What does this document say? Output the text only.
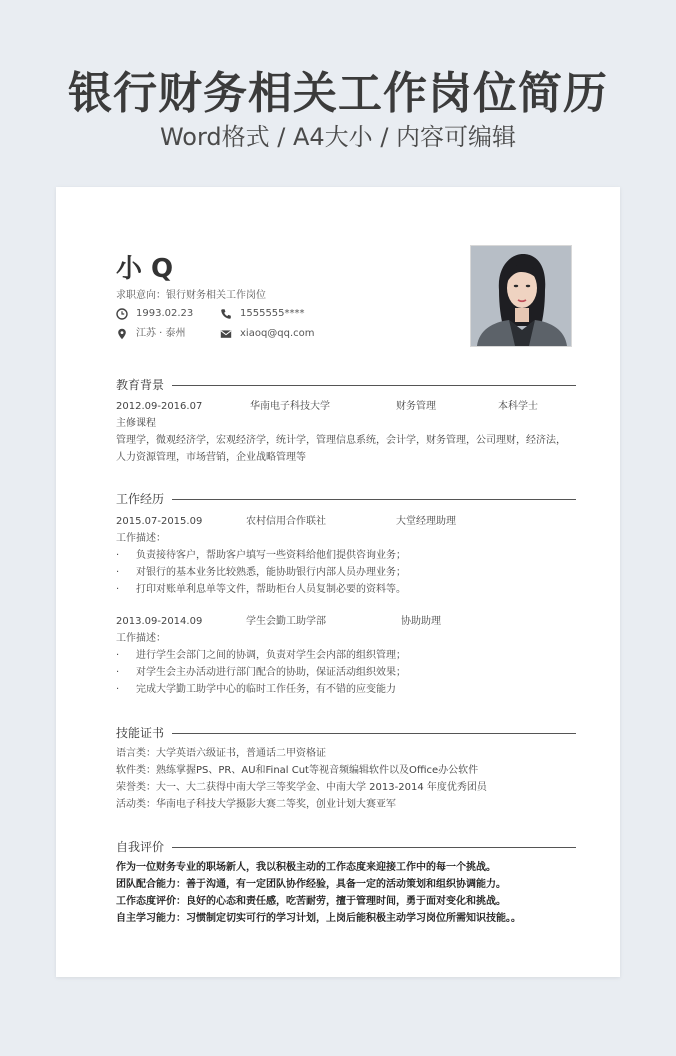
银行财务相关工作岗位简历
Word格式 / A4大小 / 内容可编辑
小 Q
求职意向：银行财务相关工作岗位
1993.02.23	1555555****
江苏 · 泰州	xiaoq@qq.com
教育背景
2012.09-2016.07	华南电子科技大学	财务管理	本科学士
主修课程
管理学，微观经济学，宏观经济学，统计学，管理信息系统，会计学，财务管理，公司理财，经济法，
人力资源管理，市场营销，企业战略管理等
工作经历
2015.07-2015.09	农村信用合作联社	大堂经理助理
工作描述：
· 负责接待客户，帮助客户填写一些资料给他们提供咨询业务；
· 对银行的基本业务比较熟悉，能协助银行内部人员办理业务；
· 打印对账单利息单等文件，帮助柜台人员复制必要的资料等。
2013.09-2014.09	学生会勤工助学部	协助助理
工作描述：
· 进行学生会部门之间的协调，负责对学生会内部的组织管理；
· 对学生会主办活动进行部门配合的协助，保证活动组织效果；
· 完成大学勤工助学中心的临时工作任务，有不错的应变能力
技能证书
语言类：大学英语六级证书，普通话二甲资格证
软件类：熟练掌握PS、PR、AU和Final Cut等视音频编辑软件以及Office办公软件
荣誉类：大一、大二获得中南大学三等奖学金、中南大学 2013-2014 年度优秀团员
活动类：华南电子科技大学摄影大赛二等奖，创业计划大赛亚军
自我评价
作为一位财务专业的职场新人，我以积极主动的工作态度来迎接工作中的每一个挑战。
团队配合能力：善于沟通，有一定团队协作经验，具备一定的活动策划和组织协调能力。
工作态度评价：良好的心态和责任感，吃苦耐劳，擅于管理时间，勇于面对变化和挑战。
自主学习能力：习惯制定切实可行的学习计划，上岗后能积极主动学习岗位所需知识技能。。
